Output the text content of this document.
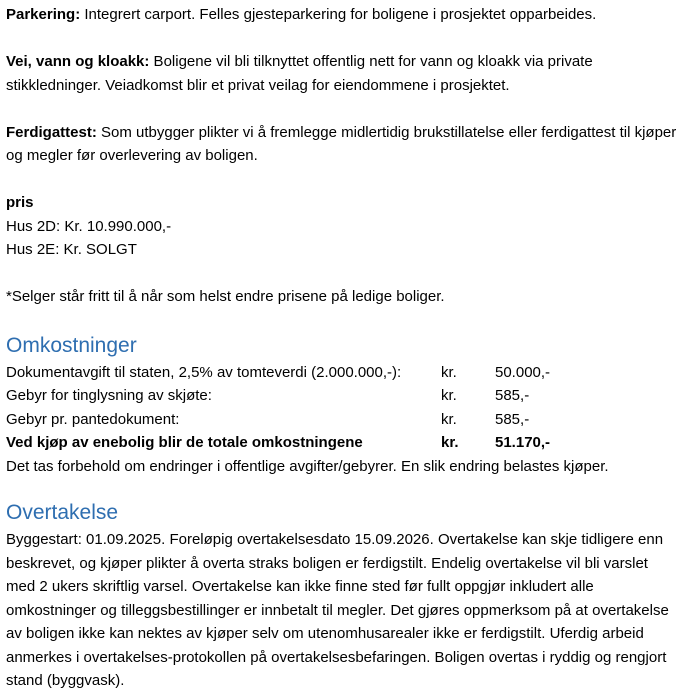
Parkering: Integrert carport. Felles gjesteparkering for boligene i prosjektet opparbeides.

Vei, vann og kloakk: Boligene vil bli tilknyttet offentlig nett for vann og kloakk via private stikkledninger. Veiadkomst blir et privat veilag for eiendommene i prosjektet.

Ferdigattest: Som utbygger plikter vi å fremlegge midlertidig brukstillatelse eller ferdigattest til kjøper og megler før overlevering av boligen.

pris

Hus 2D: Kr. 10.990.000,-

Hus 2E: Kr. SOLGT

*Selger står fritt til å når som helst endre prisene på ledige boliger.

Omkostninger
Dokumentavgift til staten, 2,5% av tomteverdi (2.000.000,-):	kr.	50.000,-
Gebyr for tinglysning av skjøte:	kr.	585,-
Gebyr pr. pantedokument:	kr.	585,-
Ved kjøp av enebolig blir de totale omkostningene	kr.	51.170,-

Det tas forbehold om endringer i offentlige avgifter/gebyrer. En slik endring belastes kjøper.

Overtakelse

Byggestart: 01.09.2025. Foreløpig overtakelsesdato 15.09.2026. Overtakelse kan skje tidligere enn

beskrevet, og kjøper plikter å overta straks boligen er ferdigstilt. Endelig overtakelse vil bli varslet

med 2 ukers skriftlig varsel. Overtakelse kan ikke finne sted før fullt oppgjør inkludert alle

omkostninger og tilleggsbestillinger er innbetalt til megler. Det gjøres oppmerksom på at overtakelse

av boligen ikke kan nektes av kjøper selv om utenomhusarealer ikke er ferdigstilt. Uferdig arbeid

anmerkes i overtakelses-protokollen på overtakelsesbefaringen. Boligen overtas i ryddig og rengjort

stand (byggvask).
